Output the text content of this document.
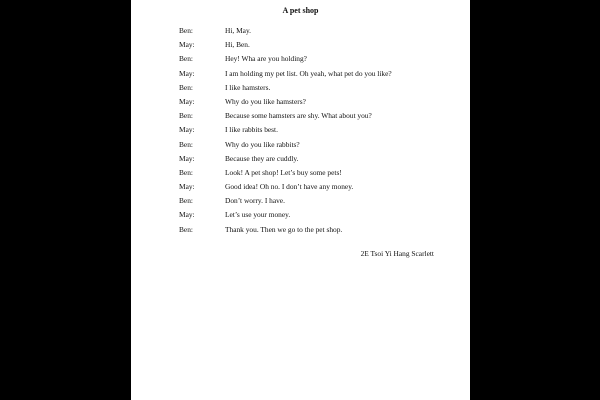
A pet shop
Ben:	Hi, May.
May:	Hi, Ben.
Ben:	Hey! Wha are you holding?
May:	I am holding my pet list. Oh yeah, what pet do you like?
Ben:	I like hamsters.
May:	Why do you like hamsters?
Ben:	Because some hamsters are shy. What about you?
May:	I like rabbits best.
Ben:	Why do you like rabbits?
May:	Because they are cuddly.
Ben:	Look! A pet shop! Let’s buy some pets!
May:	Good idea! Oh no. I don’t have any money.
Ben:	Don’t worry. I have.
May:	Let’s use your money.
Ben:	Thank you. Then we go to the pet shop.
2E Tsoi Yi Hang Scarlett
